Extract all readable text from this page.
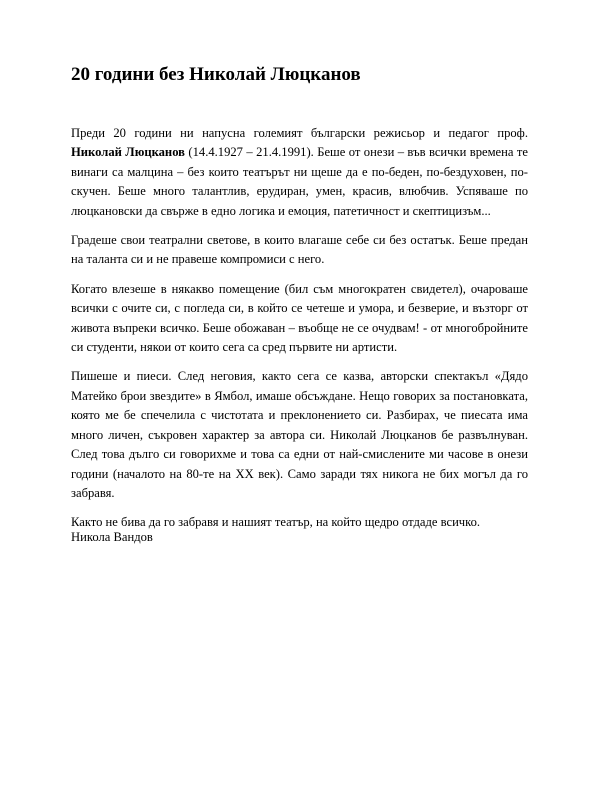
20 години без Николай Люцканов

Преди 20 години ни напусна големият български режисьор и педагог проф. Николай Люцканов (14.4.1927 – 21.4.1991). Беше от онези – във всички времена те винаги са малцина – без които театърът ни щеше да е по-беден, по-бездуховен, по-скучен. Беше много талантлив, ерудиран, умен, красив, влюбчив. Успяваше по люцкановски да свърже в едно логика и емоция, патетичност и скептицизъм...

Градеше свои театрални светове, в които влагаше себе си без остатък. Беше предан на таланта си и не правеше компромиси с него.

Когато влезеше в някакво помещение (бил съм многократен свидетел), очароваше всички с очите си, с погледа си, в който се четеше и умора, и безверие, и възторг от живота въпреки всичко. Беше обожаван – въобще не се очудвам! - от многобройните си студенти, някои от които сега са сред първите ни артисти.

Пишеше и пиеси. След неговия, както сега се казва, авторски спектакъл «Дядо Матейко брои звездите» в Ямбол, имаше обсъждане. Нещо говорих за постановката, която ме бе спечелила с чистотата и преклонението си. Разбирах, че пиесата има много личен, съкровен характер за автора си. Николай Люцканов бе развълнуван. След това дълго си говорихме и това са едни от най-смислените ми часове в онези години (началото на 80-те на XX век). Само заради тях никога не бих могъл да го забравя.

Както не бива да го забравя и нашият театър, на който щедро отдаде всичко.

Никола Вандов
